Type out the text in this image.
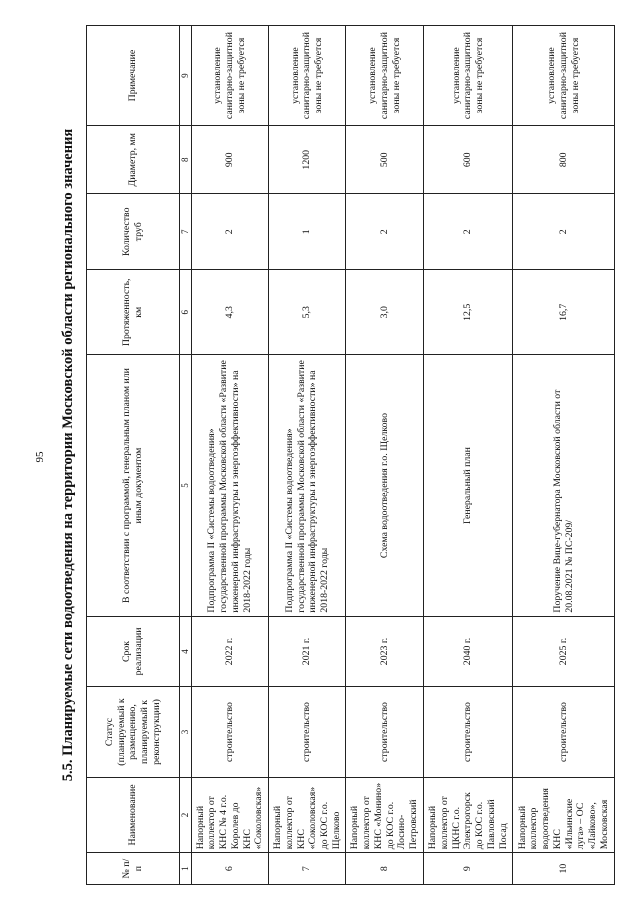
95 5.5. Планируемые сети водоотведения на территории Московской области регионального значения
№ п/п	Наименование	Статус (планируемый к размещению, планируемый к реконструкции)	Срок реализации	В соответствии с программой, генеральным планом или иным документом	Протяженность, км	Количество труб	Диаметр, мм	Примечание
1	2	3	4	5	6	7	8	9
6	Напорный коллектор от КНС № 4 г.о. Королев до КНС «Соколовская»	строительство	2022 г.	Подпрограмма II «Системы водоотведения» государственной программы Московской области «Развитие инженерной инфраструктуры и энергоэффективности» на 2018-2022 годы	4,3	2	900	установление санитарно-защитной зоны не требуется
7	Напорный коллектор от КНС «Соколовская» до КОС г.о. Щелково	строительство	2021 г.	Подпрограмма II «Системы водоотведения» государственной программы Московской области «Развитие инженерной инфраструктуры и энергоэффективности» на 2018-2022 годы	5,3	1	1200	установление санитарно-защитной зоны не требуется
8	Напорный коллектор от КНС «Монино» до КОС г.о. Лосино-Петровский	строительство	2023 г.	Схема водоотведения г.о. Щелково	3,0	2	500	установление санитарно-защитной зоны не требуется
9	Напорный коллектор от ЦКНС г.о. Электрогорск до КОС г.о. Павловский Посад	строительство	2040 г.	Генеральный план	12,5	2	600	установление санитарно-защитной зоны не требуется
10	Напорный коллектор водоотведения КНС «Ильинские луга» – ОС «Лайково», Московская	строительство	2025 г.	Поручение Вице-губернатора Московской области от 20.08.2021 № ПС-209/	16,7	2	800	установление санитарно-защитной зоны не требуется
